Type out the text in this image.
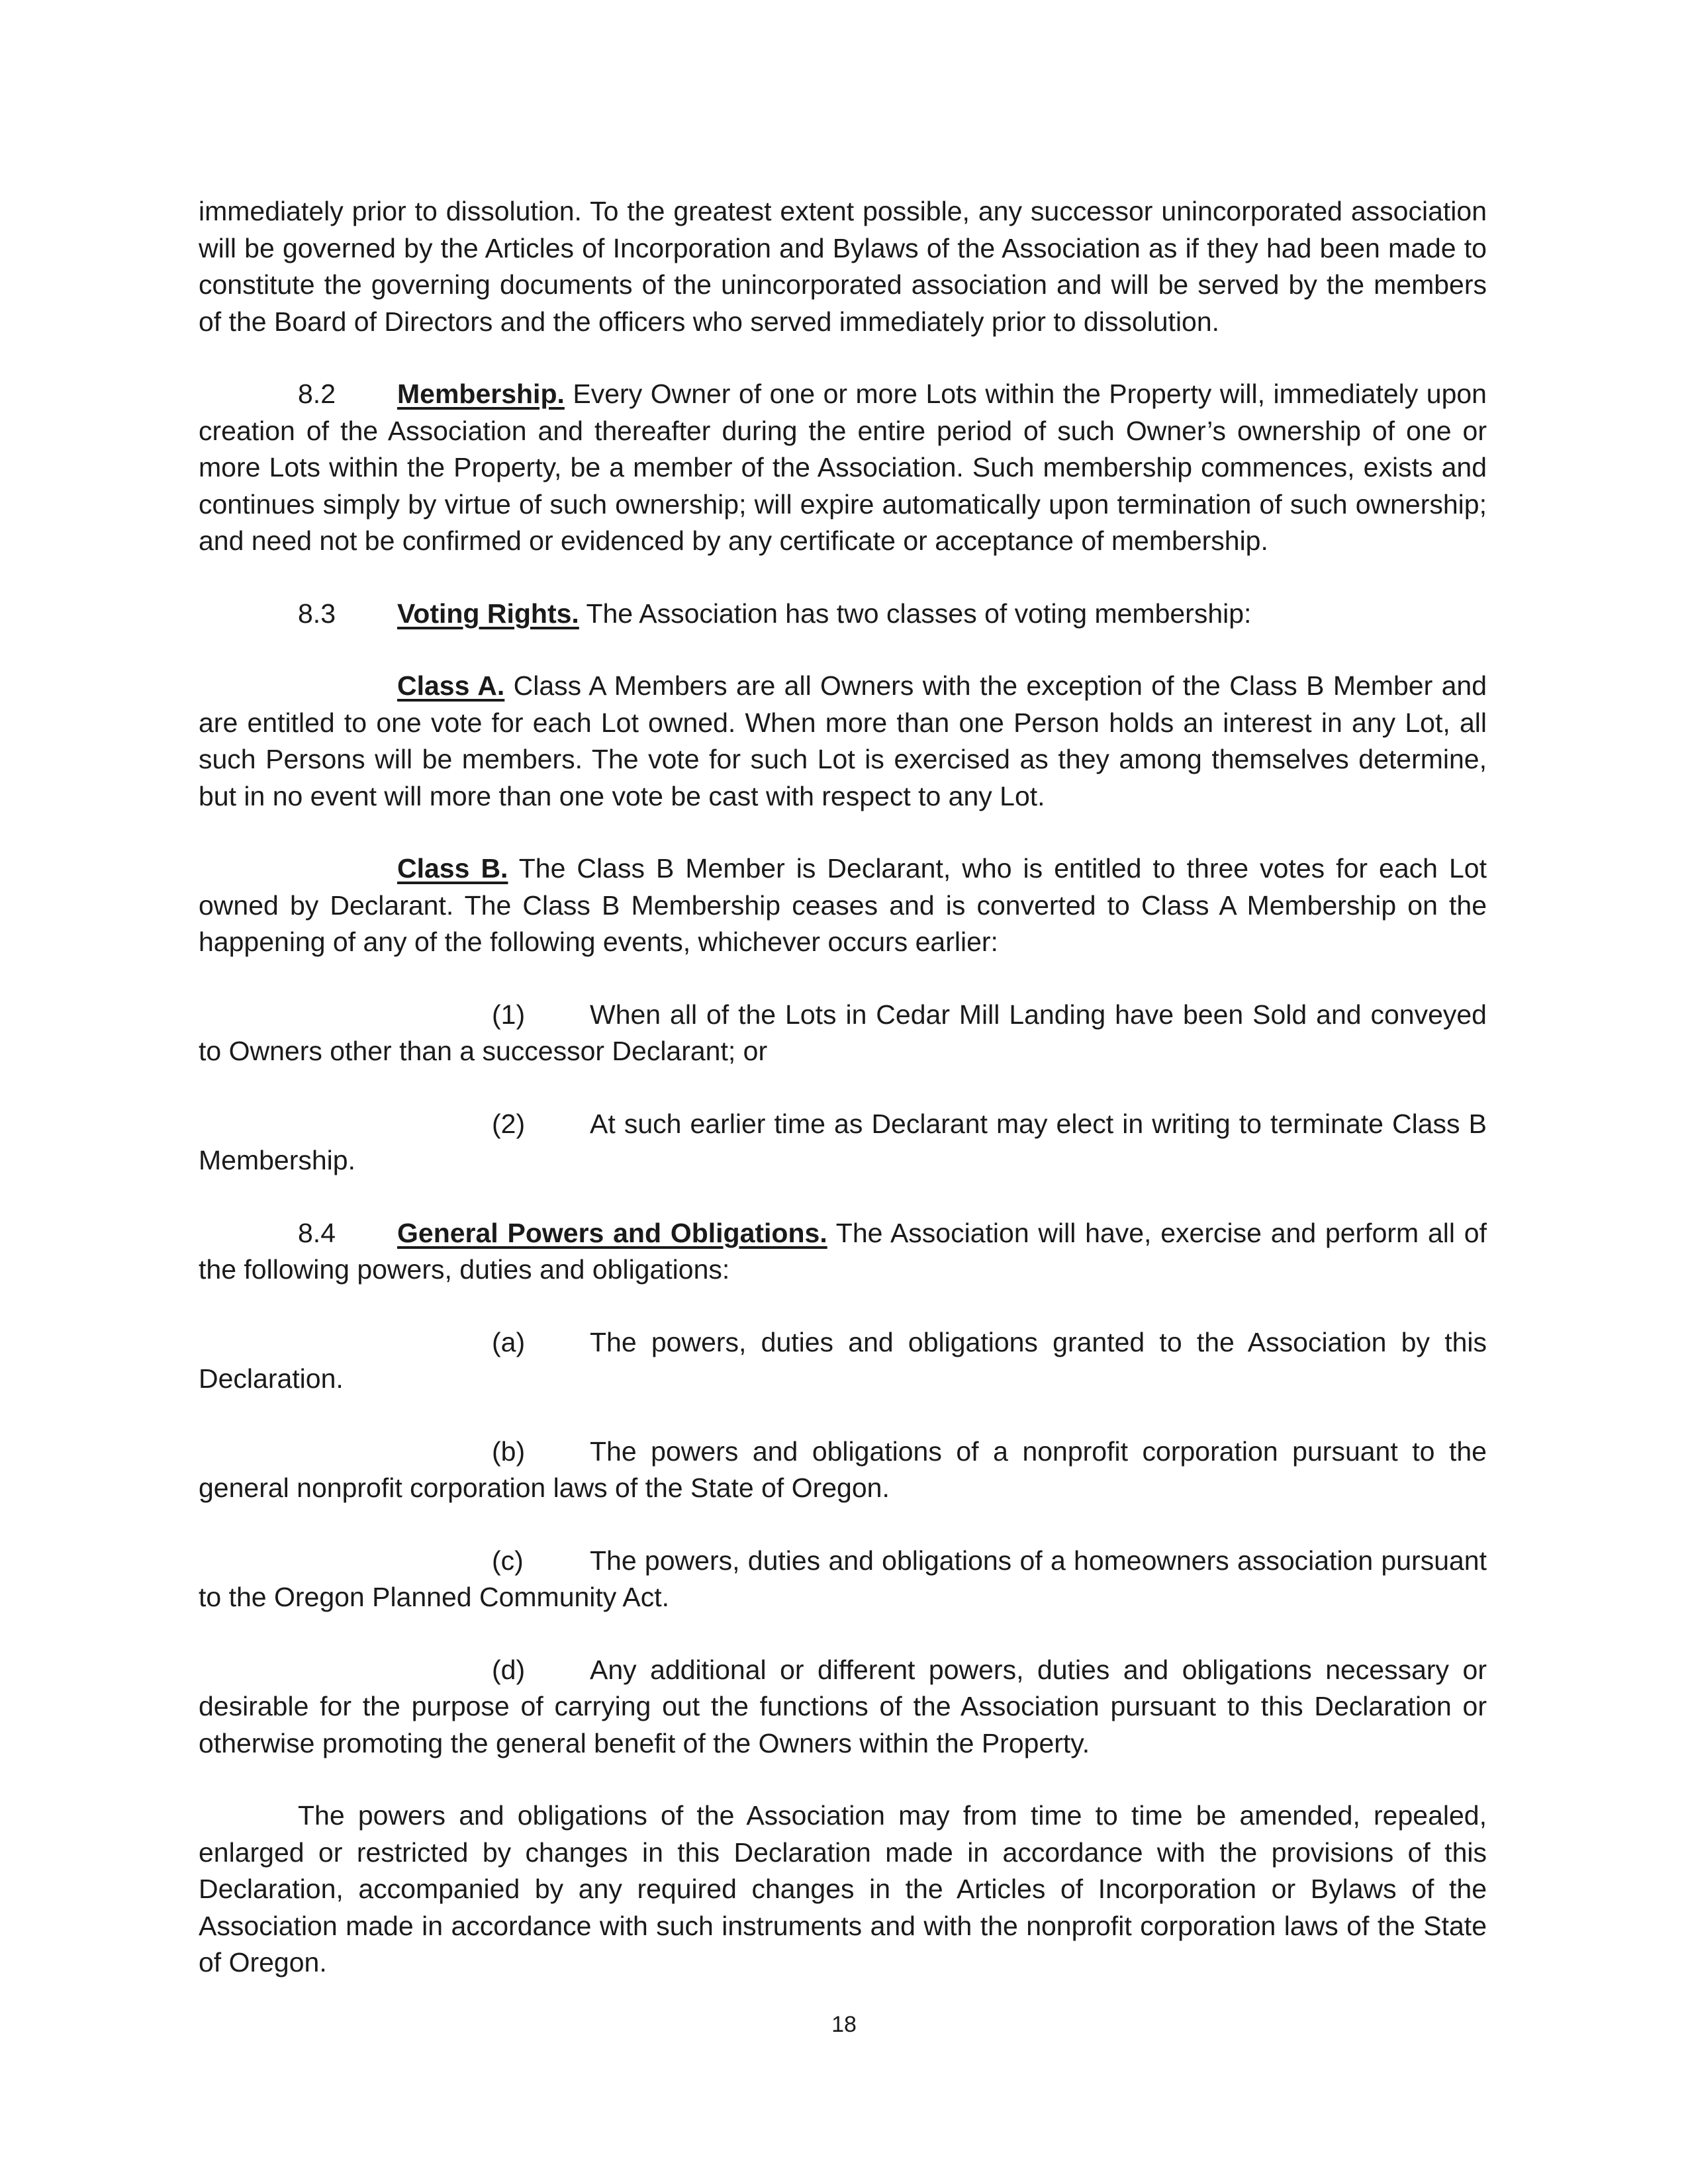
immediately prior to dissolution. To the greatest extent possible, any successor unincorporated association will be governed by the Articles of Incorporation and Bylaws of the Association as if they had been made to constitute the governing documents of the unincorporated association and will be served by the members of the Board of Directors and the officers who served immediately prior to dissolution.

8.2 Membership. Every Owner of one or more Lots within the Property will, immediately upon creation of the Association and thereafter during the entire period of such Owner’s ownership of one or more Lots within the Property, be a member of the Association. Such membership commences, exists and continues simply by virtue of such ownership; will expire automatically upon termination of such ownership; and need not be confirmed or evidenced by any certificate or acceptance of membership.

8.3 Voting Rights. The Association has two classes of voting membership:

Class A. Class A Members are all Owners with the exception of the Class B Member and are entitled to one vote for each Lot owned. When more than one Person holds an interest in any Lot, all such Persons will be members. The vote for such Lot is exercised as they among themselves determine, but in no event will more than one vote be cast with respect to any Lot.

Class B. The Class B Member is Declarant, who is entitled to three votes for each Lot owned by Declarant. The Class B Membership ceases and is converted to Class A Membership on the happening of any of the following events, whichever occurs earlier:

(1) When all of the Lots in Cedar Mill Landing have been Sold and conveyed to Owners other than a successor Declarant; or

(2) At such earlier time as Declarant may elect in writing to terminate Class B Membership.

8.4 General Powers and Obligations. The Association will have, exercise and perform all of the following powers, duties and obligations:

(a) The powers, duties and obligations granted to the Association by this Declaration.

(b) The powers and obligations of a nonprofit corporation pursuant to the general nonprofit corporation laws of the State of Oregon.

(c) The powers, duties and obligations of a homeowners association pursuant to the Oregon Planned Community Act.

(d) Any additional or different powers, duties and obligations necessary or desirable for the purpose of carrying out the functions of the Association pursuant to this Declaration or otherwise promoting the general benefit of the Owners within the Property.

The powers and obligations of the Association may from time to time be amended, repealed, enlarged or restricted by changes in this Declaration made in accordance with the provisions of this Declaration, accompanied by any required changes in the Articles of Incorporation or Bylaws of the Association made in accordance with such instruments and with the nonprofit corporation laws of the State of Oregon.

18
